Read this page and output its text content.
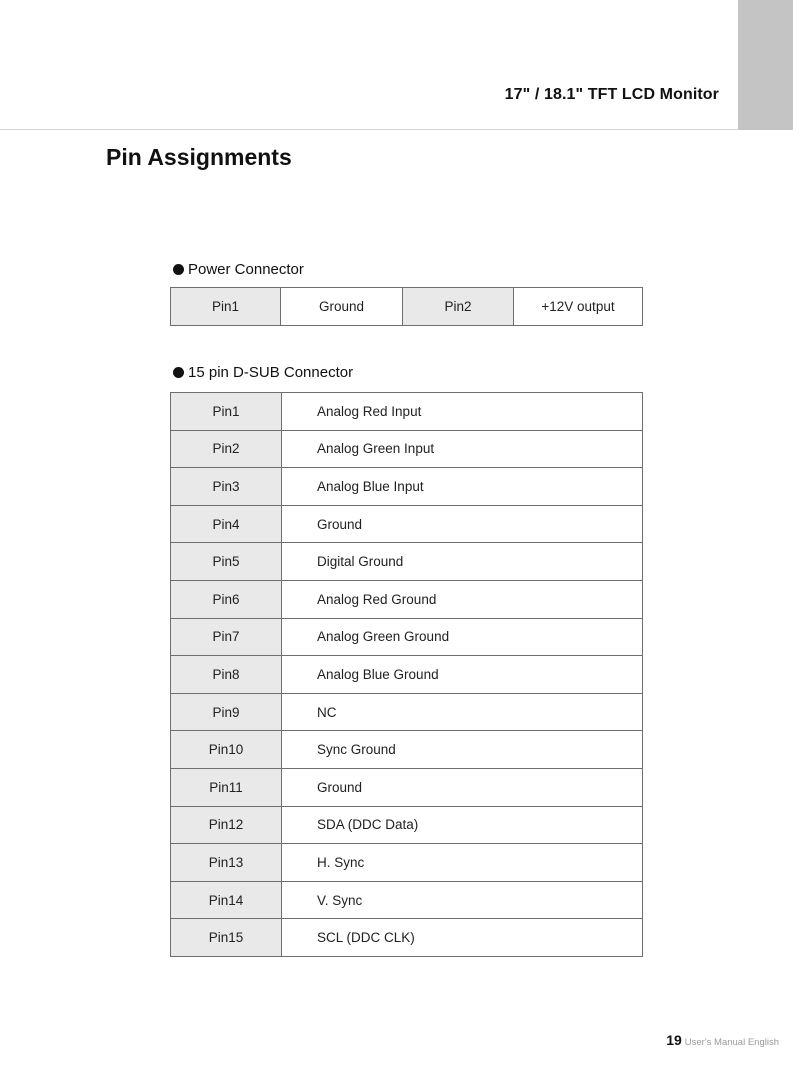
17" / 18.1" TFT LCD Monitor
Pin Assignments
Power Connector
Pin1	Ground	Pin2	+12V output
15 pin D-SUB Connector
Pin1	Analog Red Input
Pin2	Analog Green Input
Pin3	Analog Blue Input
Pin4	Ground
Pin5	Digital Ground
Pin6	Analog Red Ground
Pin7	Analog Green Ground
Pin8	Analog Blue Ground
Pin9	NC
Pin10	Sync Ground
Pin11	Ground
Pin12	SDA (DDC Data)
Pin13	H. Sync
Pin14	V. Sync
Pin15	SCL (DDC CLK)
19 User's Manual English
